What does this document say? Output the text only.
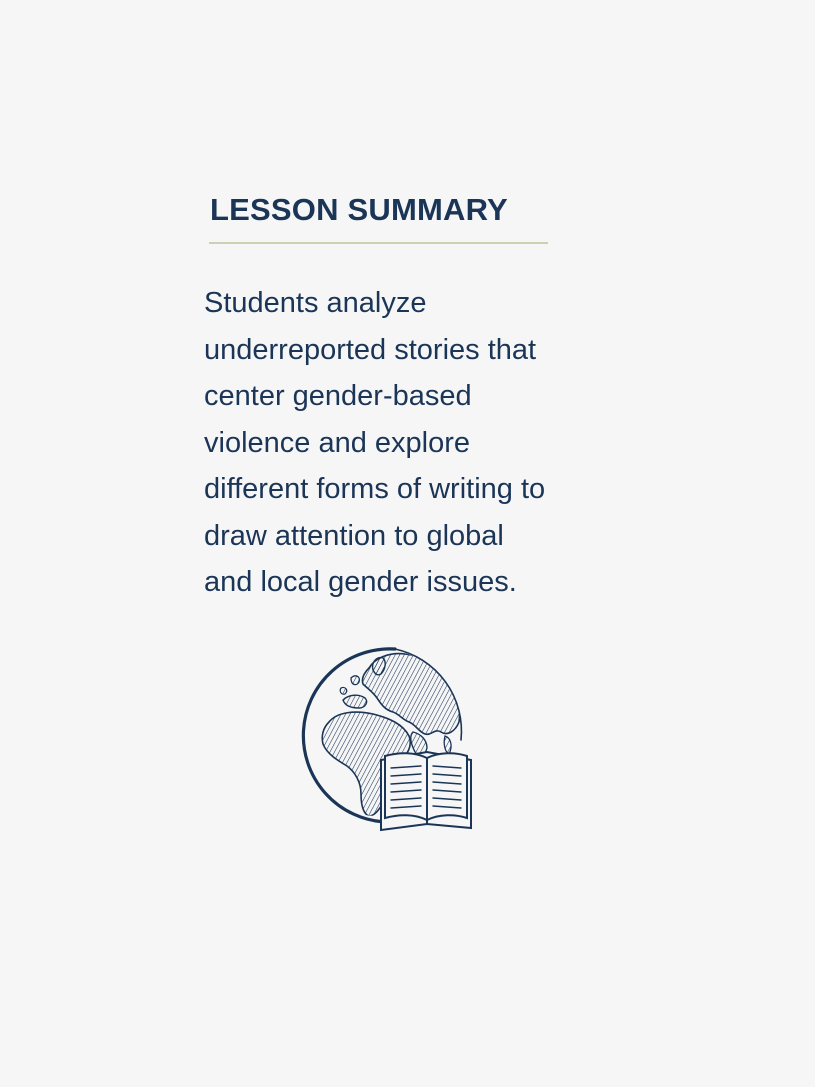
LESSON SUMMARY

Students analyze
underreported stories that
center gender-based
violence and explore
different forms of writing to
draw attention to global
and local gender issues.
